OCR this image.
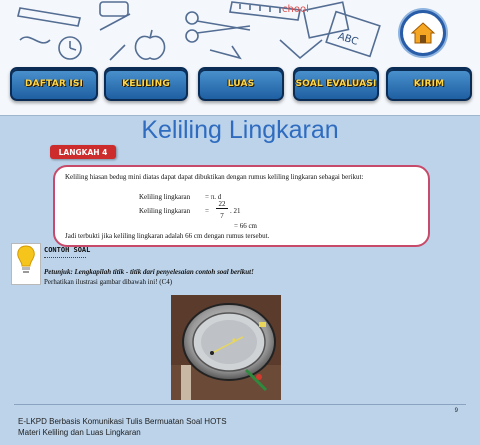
ABC
chool
DAFTAR ISI	KELILING	LUAS	SOAL EVALUASI	KIRIM
Keliling Lingkaran
LANGKAH 4

Keliling hiasan bedug mini diatas dapat dapat dibuktikan dengan rumus keliling lingkaran sebagai berikut:

Keliling lingkaran = π. d

Keliling lingkaran =

22

7

. 21

= 66 cm

Jadi terbukti jika keliling lingkaran adalah 66 cm dengan rumus tersebut.

CONTOH SOAL
Petunjuk: Lengkapilah titik - titik dari penyelesaian contoh soal berikut!
Perhatikan ilustrasi gambar dibawah ini! (C4)
9
E-LKPD Berbasis Komunikasi Tulis Bermuatan Soal HOTS
Materi Keliling dan Luas Lingkaran
